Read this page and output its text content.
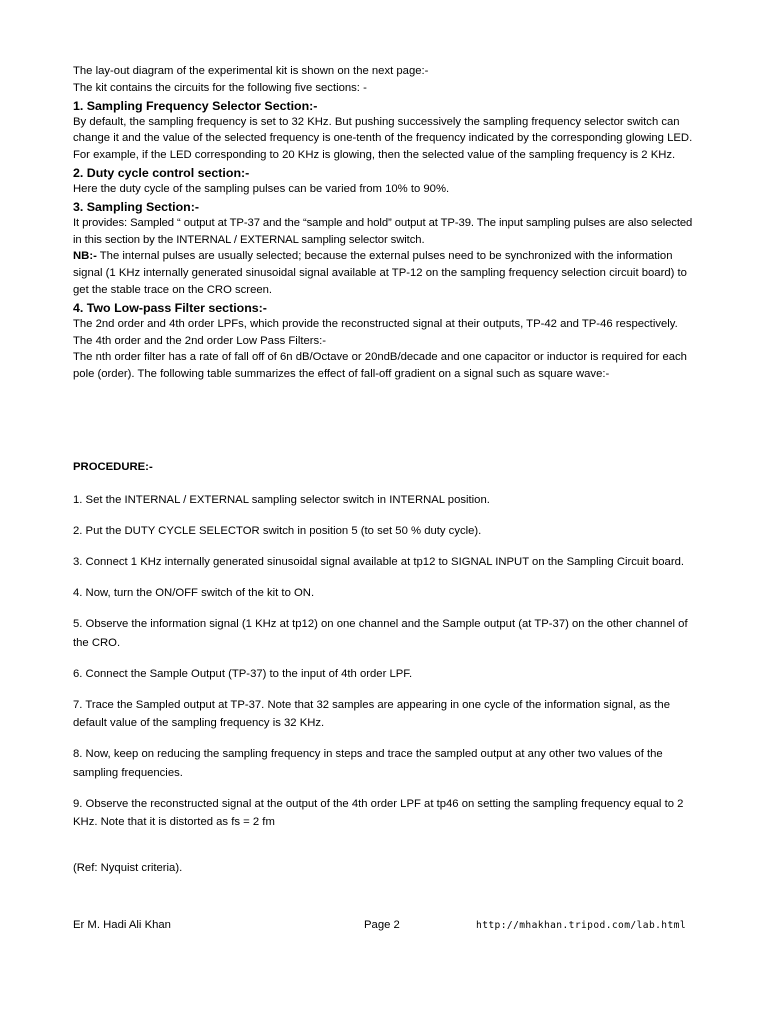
The lay-out diagram of the experimental kit is shown on the next page:-

The kit contains the circuits for the following five sections: -

1. Sampling Frequency Selector Section:-

By default, the sampling frequency is set to 32 KHz. But pushing successively the sampling frequency selector switch can change it and the value of the selected frequency is one-tenth of the frequency indicated by the corresponding glowing LED. For example, if the LED corresponding to 20 KHz is glowing, then the selected value of the sampling frequency is 2 KHz.

2. Duty cycle control section:-

Here the duty cycle of the sampling pulses can be varied from 10% to 90%.

3. Sampling Section:-

It provides: Sampled “ output at TP-37 and the “sample and hold” output at TP-39. The input sampling pulses are also selected in this section by the INTERNAL / EXTERNAL sampling selector switch.

NB:- The internal pulses are usually selected; because the external pulses need to be synchronized with the information signal (1 KHz internally generated sinusoidal signal available at TP-12 on the sampling frequency selection circuit board) to get the stable trace on the CRO screen.

4. Two Low-pass Filter sections:-

The 2nd order and 4th order LPFs, which provide the reconstructed signal at their outputs, TP-42 and TP-46 respectively.

The 4th order and the 2nd order Low Pass Filters:-

The nth order filter has a rate of fall off of 6n dB/Octave or 20ndB/decade and one capacitor or inductor is required for each pole (order). The following table summarizes the effect of fall-off gradient on a signal such as square wave:-

PROCEDURE:-

1. Set the INTERNAL / EXTERNAL sampling selector switch in INTERNAL position.

2. Put the DUTY CYCLE SELECTOR switch in position 5 (to set 50 % duty cycle).

3. Connect 1 KHz internally generated sinusoidal signal available at tp12 to SIGNAL INPUT on the Sampling Circuit board.

4. Now, turn the ON/OFF switch of the kit to ON.

5. Observe the information signal (1 KHz at tp12) on one channel and the Sample output (at TP-37) on the other channel of the CRO.

6. Connect the Sample Output (TP-37) to the input of 4th order LPF.

7. Trace the Sampled output at TP-37. Note that 32 samples are appearing in one cycle of the information signal, as the default value of the sampling frequency is 32 KHz.

8. Now, keep on reducing the sampling frequency in steps and trace the sampled output at any other two values of the sampling frequencies.

9. Observe the reconstructed signal at the output of the 4th order LPF at tp46 on setting the sampling frequency equal to 2 KHz. Note that it is distorted as fs = 2 fm

(Ref: Nyquist criteria).

Er M. Hadi Ali Khan	Page 2	http://mhakhan.tripod.com/lab.html
